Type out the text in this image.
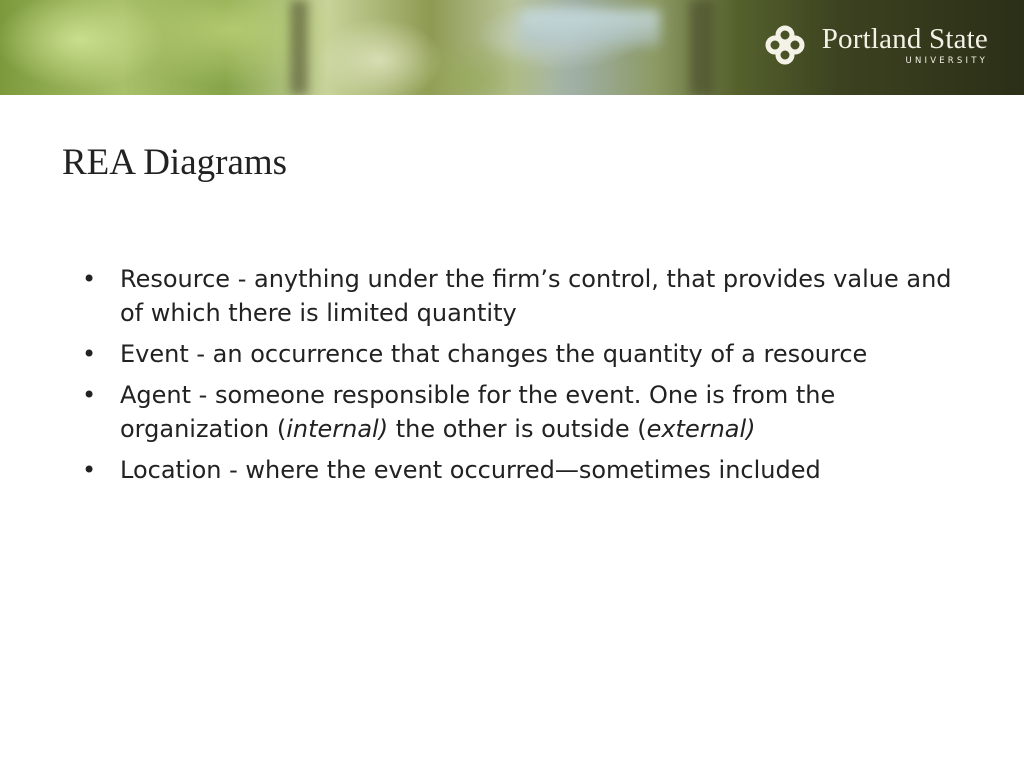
Portland State
UNIVERSITY
REA Diagrams
• Resource - anything under the firm’s control, that provides value and of which there is limited quantity
• Event - an occurrence that changes the quantity of a resource
• Agent - someone responsible for the event. One is from the organization (internal) the other is outside (external)
• Location - where the event occurred—sometimes included
